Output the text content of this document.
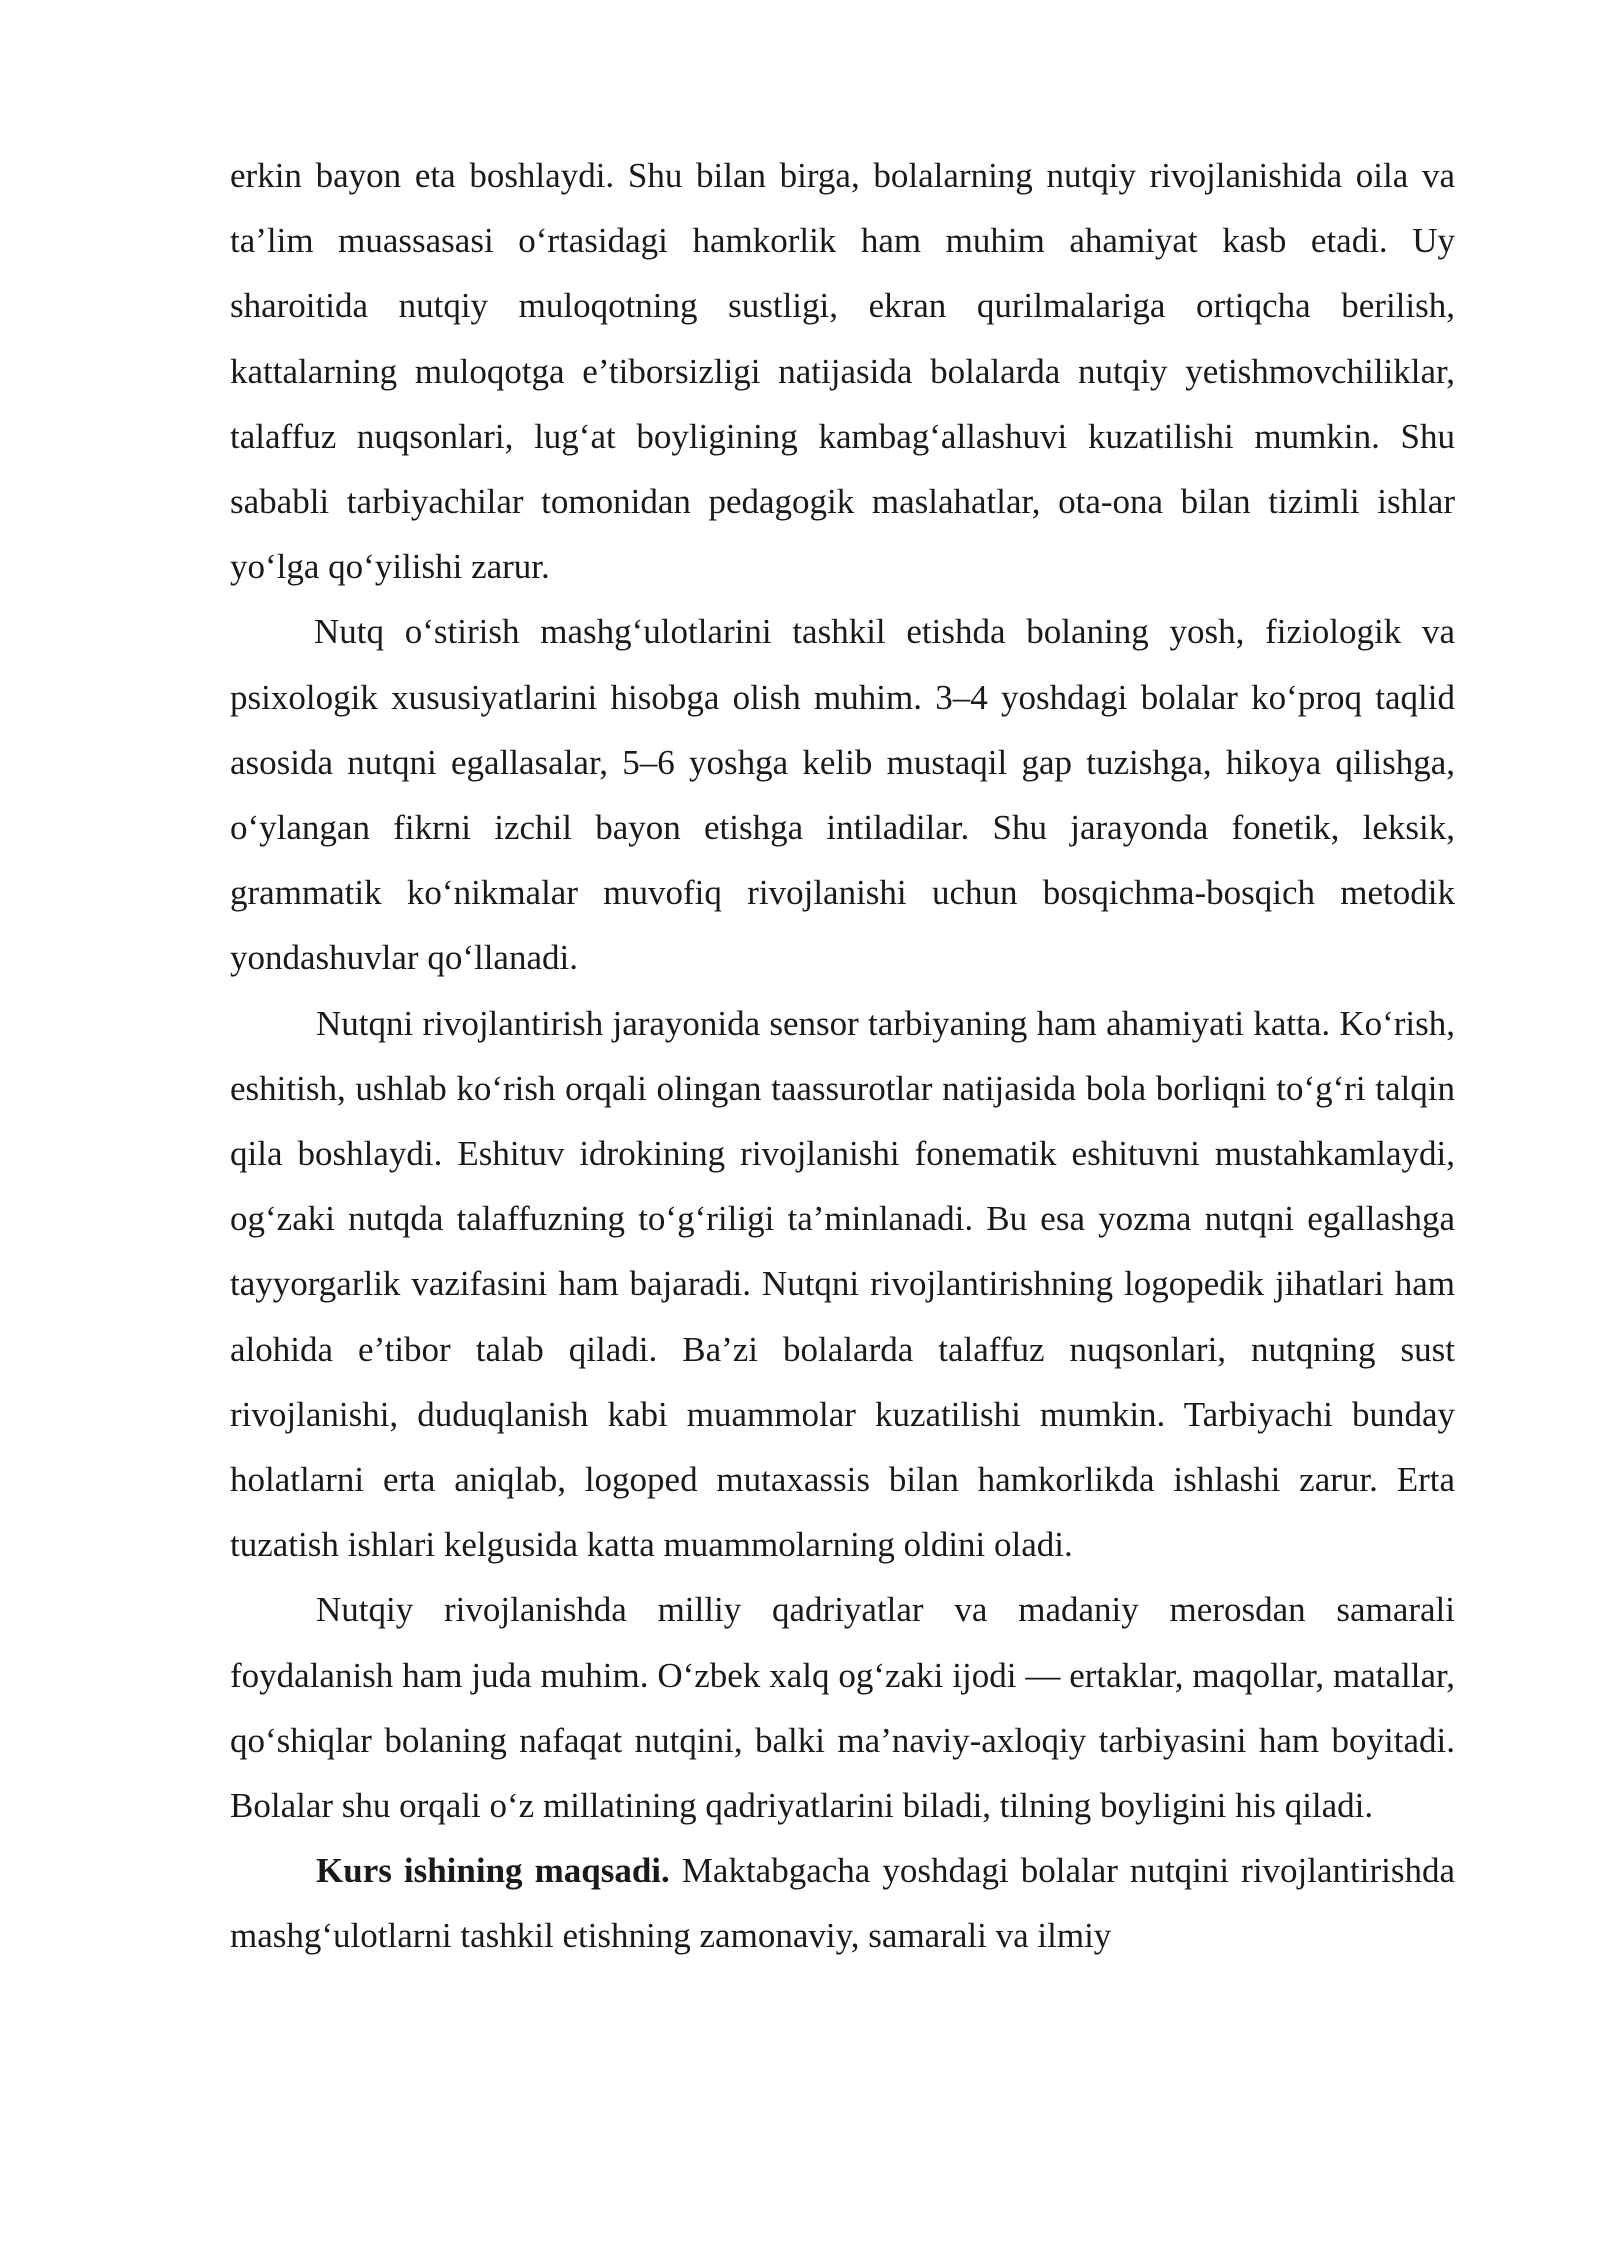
erkin bayon eta boshlaydi. Shu bilan birga, bolalarning nutqiy rivojlanishida oila va ta’lim muassasasi o‘rtasidagi hamkorlik ham muhim ahamiyat kasb etadi. Uy sharoitida nutqiy muloqotning sustligi, ekran qurilmalariga ortiqcha berilish, kattalarning muloqotga e’tiborsizligi natijasida bolalarda nutqiy yetishmovchiliklar, talaffuz nuqsonlari, lug‘at boyligining kambag‘allashuvi kuzatilishi mumkin. Shu sababli tarbiyachilar tomonidan pedagogik maslahatlar, ota-ona bilan tizimli ishlar yo‘lga qo‘yilishi zarur.

Nutq o‘stirish mashg‘ulotlarini tashkil etishda bolaning yosh, fiziologik va psixologik xususiyatlarini hisobga olish muhim. 3–4 yoshdagi bolalar ko‘proq taqlid asosida nutqni egallasalar, 5–6 yoshga kelib mustaqil gap tuzishga, hikoya qilishga, o‘ylangan fikrni izchil bayon etishga intiladilar. Shu jarayonda fonetik, leksik, grammatik ko‘nikmalar muvofiq rivojlanishi uchun bosqichma-bosqich metodik yondashuvlar qo‘llanadi.

Nutqni rivojlantirish jarayonida sensor tarbiyaning ham ahamiyati katta. Ko‘rish, eshitish, ushlab ko‘rish orqali olingan taassurotlar natijasida bola borliqni to‘g‘ri talqin qila boshlaydi. Eshituv idrokining rivojlanishi fonematik eshituvni mustahkamlaydi, og‘zaki nutqda talaffuzning to‘g‘riligi ta’minlanadi. Bu esa yozma nutqni egallashga tayyorgarlik vazifasini ham bajaradi. Nutqni rivojlantirishning logopedik jihatlari ham alohida e’tibor talab qiladi. Ba’zi bolalarda talaffuz nuqsonlari, nutqning sust rivojlanishi, duduqlanish kabi muammolar kuzatilishi mumkin. Tarbiyachi bunday holatlarni erta aniqlab, logoped mutaxassis bilan hamkorlikda ishlashi zarur. Erta tuzatish ishlari kelgusida katta muammolarning oldini oladi.

Nutqiy rivojlanishda milliy qadriyatlar va madaniy merosdan samarali foydalanish ham juda muhim. O‘zbek xalq og‘zaki ijodi — ertaklar, maqollar, matallar, qo‘shiqlar bolaning nafaqat nutqini, balki ma’naviy-axloqiy tarbiyasini ham boyitadi. Bolalar shu orqali o‘z millatining qadriyatlarini biladi, tilning boyligini his qiladi.

Kurs ishining maqsadi. Maktabgacha yoshdagi bolalar nutqini rivojlantirishda mashg‘ulotlarni tashkil etishning zamonaviy, samarali va ilmiy
